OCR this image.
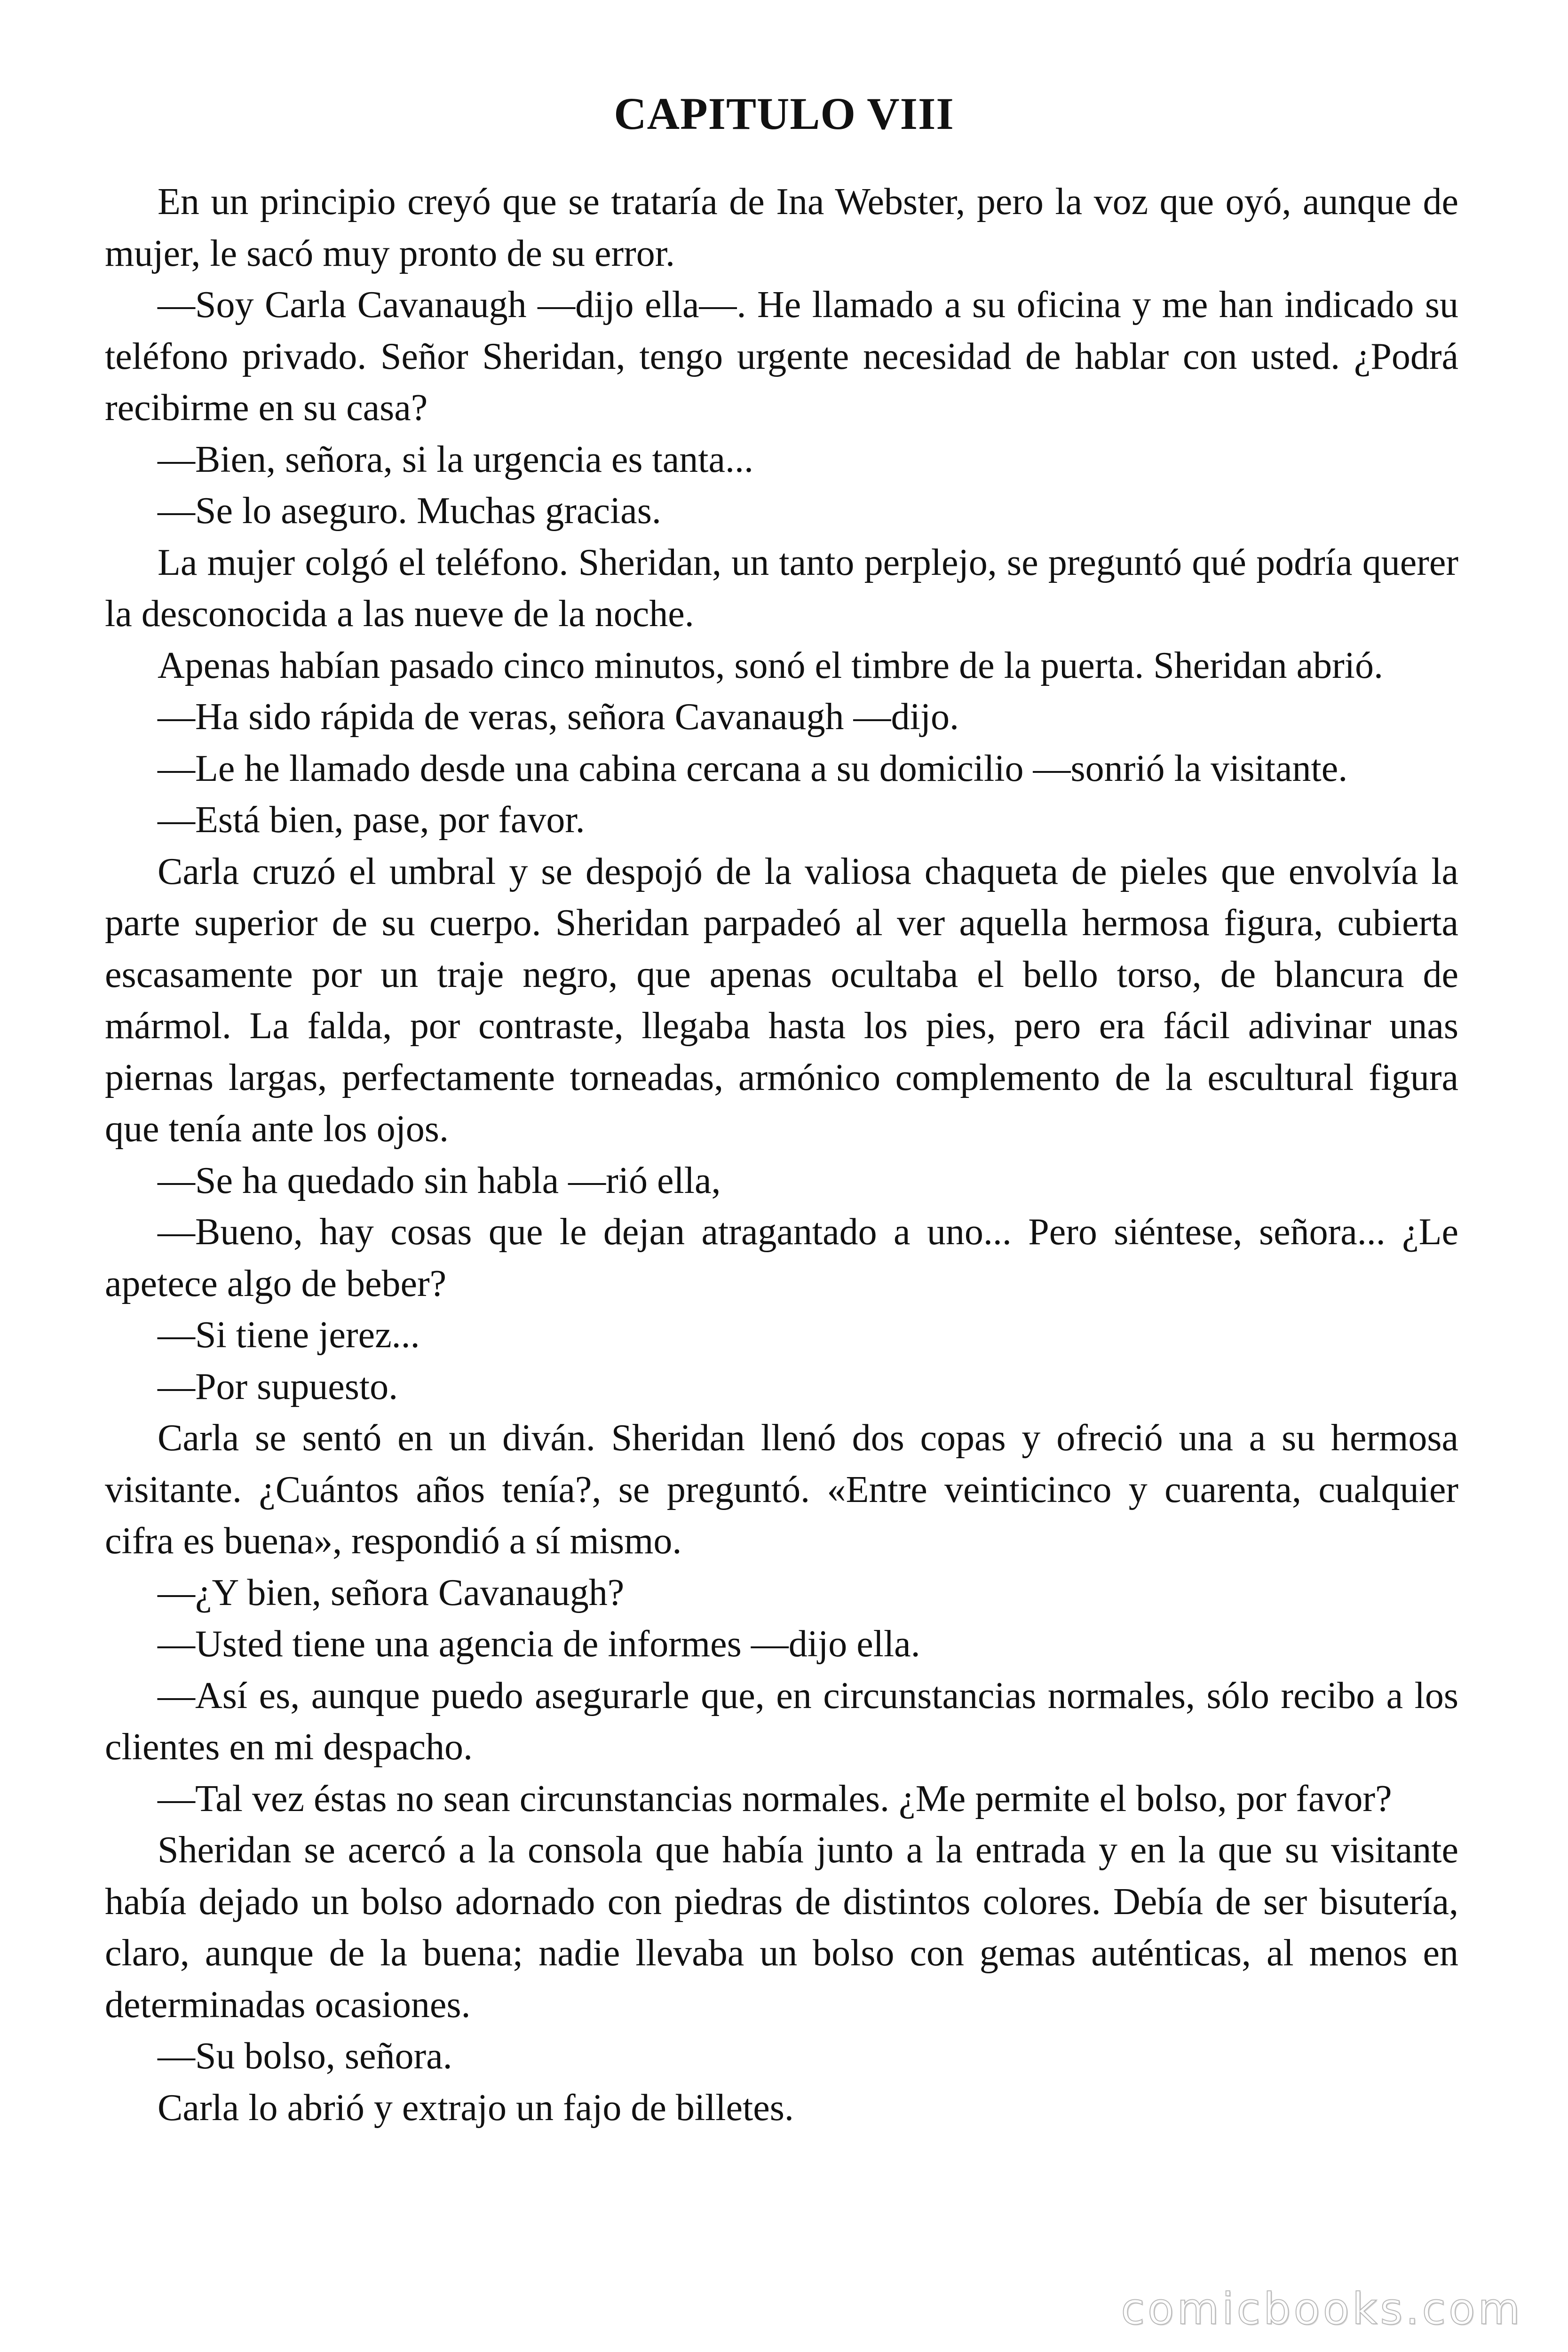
CAPITULO VIII

En un principio creyó que se trataría de Ina Webster, pero la voz que oyó, aunque de mujer, le sacó muy pronto de su error.

—Soy Carla Cavanaugh —dijo ella—. He llamado a su oficina y me han indicado su teléfono privado. Señor Sheridan, tengo urgente necesidad de hablar con usted. ¿Podrá recibirme en su casa?

—Bien, señora, si la urgencia es tanta...

—Se lo aseguro. Muchas gracias.

La mujer colgó el teléfono. Sheridan, un tanto perplejo, se preguntó qué podría querer la desconocida a las nueve de la noche.

Apenas habían pasado cinco minutos, sonó el timbre de la puerta. Sheridan abrió.

—Ha sido rápida de veras, señora Cavanaugh —dijo.

—Le he llamado desde una cabina cercana a su domicilio —sonrió la visitante.

—Está bien, pase, por favor.

Carla cruzó el umbral y se despojó de la valiosa chaqueta de pieles que envolvía la parte superior de su cuerpo. Sheridan parpadeó al ver aquella hermosa figura, cubierta escasamente por un traje negro, que apenas ocultaba el bello torso, de blancura de mármol. La falda, por contraste, llegaba hasta los pies, pero era fácil adivinar unas piernas largas, perfectamente torneadas, armónico complemento de la escultural figura que tenía ante los ojos.

—Se ha quedado sin habla —rió ella,

—Bueno, hay cosas que le dejan atragantado a uno... Pero siéntese, señora... ¿Le apetece algo de beber?

—Si tiene jerez...

—Por supuesto.

Carla se sentó en un diván. Sheridan llenó dos copas y ofreció una a su hermosa visitante. ¿Cuántos años tenía?, se preguntó. «Entre veinticinco y cuarenta, cualquier cifra es buena», respondió a sí mismo.

—¿Y bien, señora Cavanaugh?

—Usted tiene una agencia de informes —dijo ella.

—Así es, aunque puedo asegurarle que, en circunstancias normales, sólo recibo a los clientes en mi despacho.

—Tal vez éstas no sean circunstancias normales. ¿Me permite el bolso, por favor?

Sheridan se acercó a la consola que había junto a la entrada y en la que su visitante había dejado un bolso adornado con piedras de distintos colores. Debía de ser bisutería, claro, aunque de la buena; nadie llevaba un bolso con gemas auténticas, al menos en determinadas ocasiones.

—Su bolso, señora.

Carla lo abrió y extrajo un fajo de billetes.

comicbooks.com
